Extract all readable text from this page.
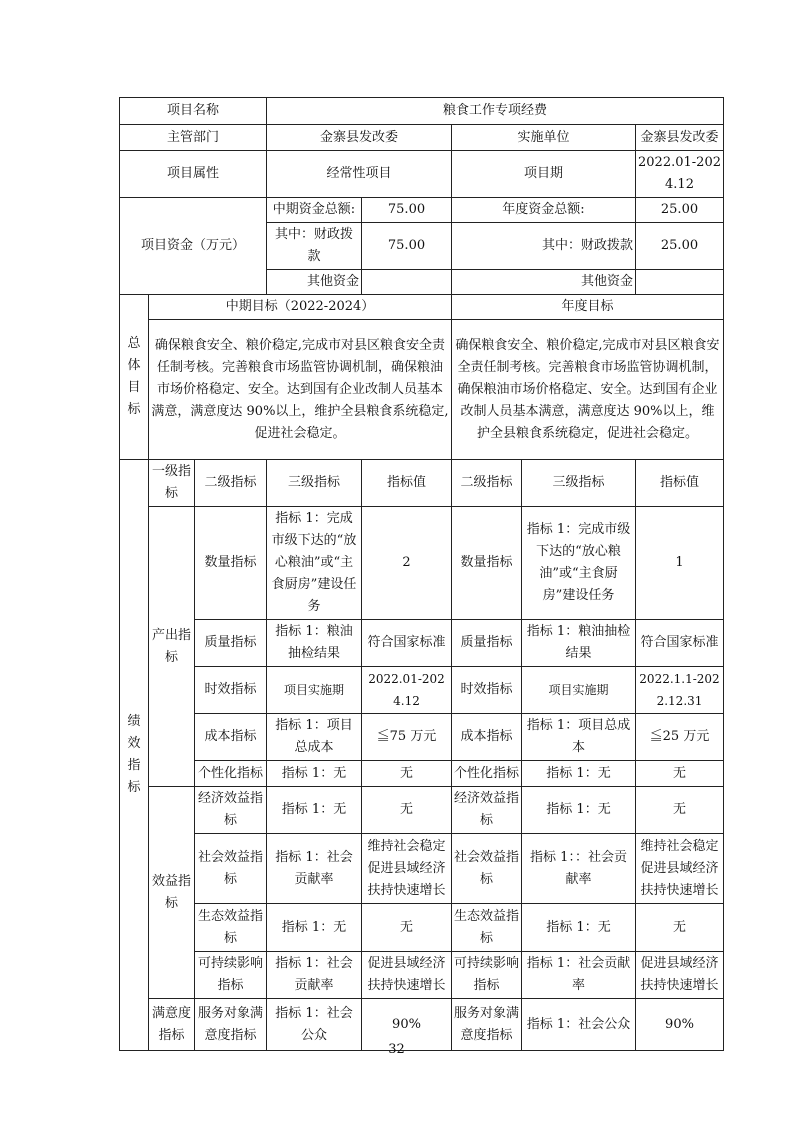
项目名称			粮食工作专项经费				
主管部门			金寨县发改委		实施单位		金寨县发改委
项目属性			经常性项目		项目期		2022.01-2024.12
项目资金（万元）			中期资金总额:	75.00	年度资金总额:		25.00
			其中：财政拨款	75.00	其中：财政拨款		25.00
			其他资金		其他资金		
总体目标	中期目标（2022-2024）				年度目标		
	确保粮食安全、粮价稳定,完成市对县区粮食安全责任制考核。完善粮食市场监管协调机制，确保粮油市场价格稳定、安全。达到国有企业改制人员基本满意，满意度达 90%以上，维护全县粮食系统稳定,促进社会稳定。				确保粮食安全、粮价稳定,完成市对县区粮食安全责任制考核。完善粮食市场监管协调机制，确保粮油市场价格稳定、安全。达到国有企业改制人员基本满意，满意度达 90%以上，维护全县粮食系统稳定，促进社会稳定。		
绩效指标	一级指标	二级指标	三级指标	指标值	二级指标	三级指标	指标值
	产出指标	数量指标	指标 1：完成市级下达的“放心粮油”或“主食厨房”建设任务	2	数量指标	指标 1：完成市级下达的“放心粮油”或“主食厨房”建设任务	1
		质量指标	指标 1：粮油抽检结果	符合国家标准	质量指标	指标 1：粮油抽检结果	符合国家标准
		时效指标	项目实施期	2022.01-2024.12	时效指标	项目实施期	2022.1.1-2022.12.31
		成本指标	指标 1：项目总成本	≦75 万元	成本指标	指标 1：项目总成本	≦25 万元
		个性化指标	指标 1：无	无	个性化指标	指标 1：无	无
	效益指标	经济效益指标	指标 1：无	无	经济效益指标	指标 1：无	无
		社会效益指标	指标 1：社会贡献率	维持社会稳定促进县域经济扶持快速增长	社会效益指标	指标 1：：社会贡献率	维持社会稳定促进县域经济扶持快速增长
		生态效益指标	指标 1：无	无	生态效益指标	指标 1：无	无
		可持续影响指标	指标 1：社会贡献率	促进县域经济扶持快速增长	可持续影响指标	指标 1：社会贡献率	促进县域经济扶持快速增长
	满意度指标	服务对象满意度指标	指标 1：社会公众	90%	服务对象满意度指标	指标 1：社会公众	90%
32
